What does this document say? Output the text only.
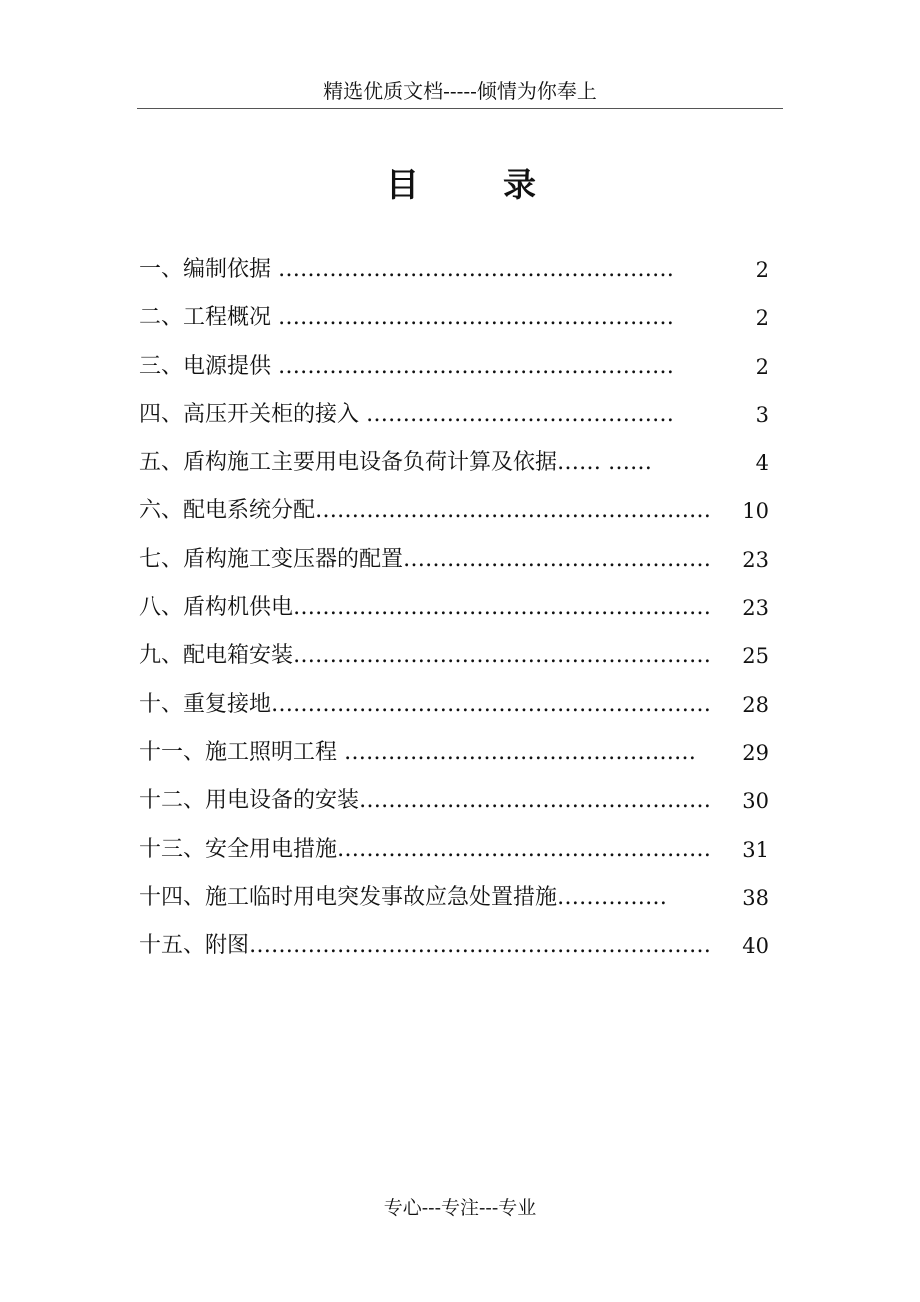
精选优质文档-----倾情为你奉上
目	录
一、编制依据 ………………………………………………	2
二、工程概况 ………………………………………………	2
三、电源提供 ………………………………………………	2
四、高压开关柜的接入 ……………………………………	3
五、盾构施工主要用电设备负荷计算及依据…… ……	4
六、配电系统分配……………………………………………… 10
七、盾构施工变压器的配置…………………………………… 23
八、盾构机供电………………………………………………… 23
九、配电箱安装………………………………………………… 25
十、重复接地…………………………………………………… 28
十一、施工照明工程 ………………………………………… 29
十二、用电设备的安装………………………………………… 30
十三、安全用电措施…………………………………………… 31
十四、施工临时用电突发事故应急处置措施……………	38
十五、附图……………………………………………………… 40
专心---专注---专业
